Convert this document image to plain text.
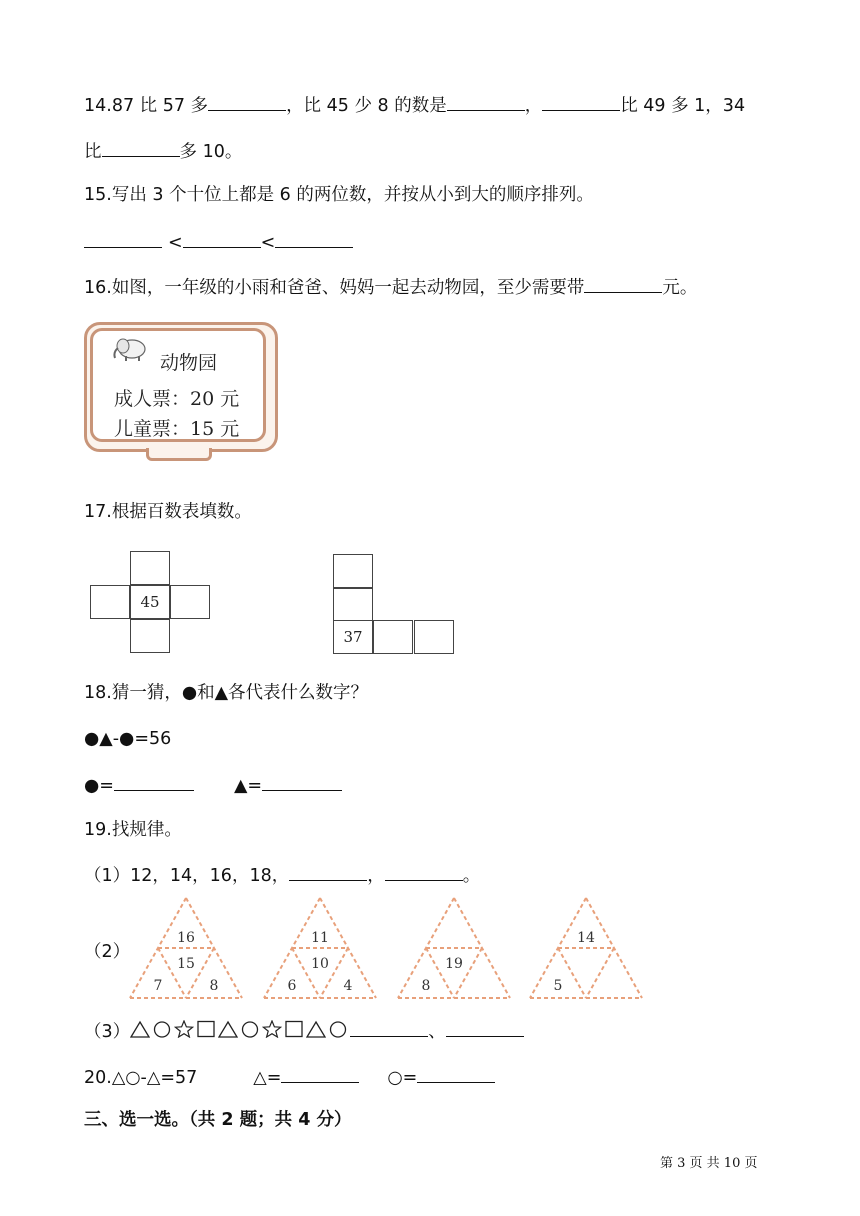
14.87 比 57 多	，比 45 少 8 的数是	，	比 49 多 1，34
比	多 10。
15.写出 3 个十位上都是 6 的两位数，并按从小到大的顺序排列。
<	<
16.如图，一年级的小雨和爸爸、妈妈一起去动物园，至少需要带	元。
动物园
成人票：20 元
儿童票：15 元
17.根据百数表填数。
45
37
18.猜一猜，●和▲各代表什么数字？
●▲-●=56
●=	▲=
19.找规律。
（1）12，14，16，18，	，	。
（2）
16
15
7	8
11
10
6	4
19
8
14
5
（3）	、
20.△○-△=57	△=	○=
三、选一选。（共 2 题；共 4 分）
第 3 页 共 10 页
